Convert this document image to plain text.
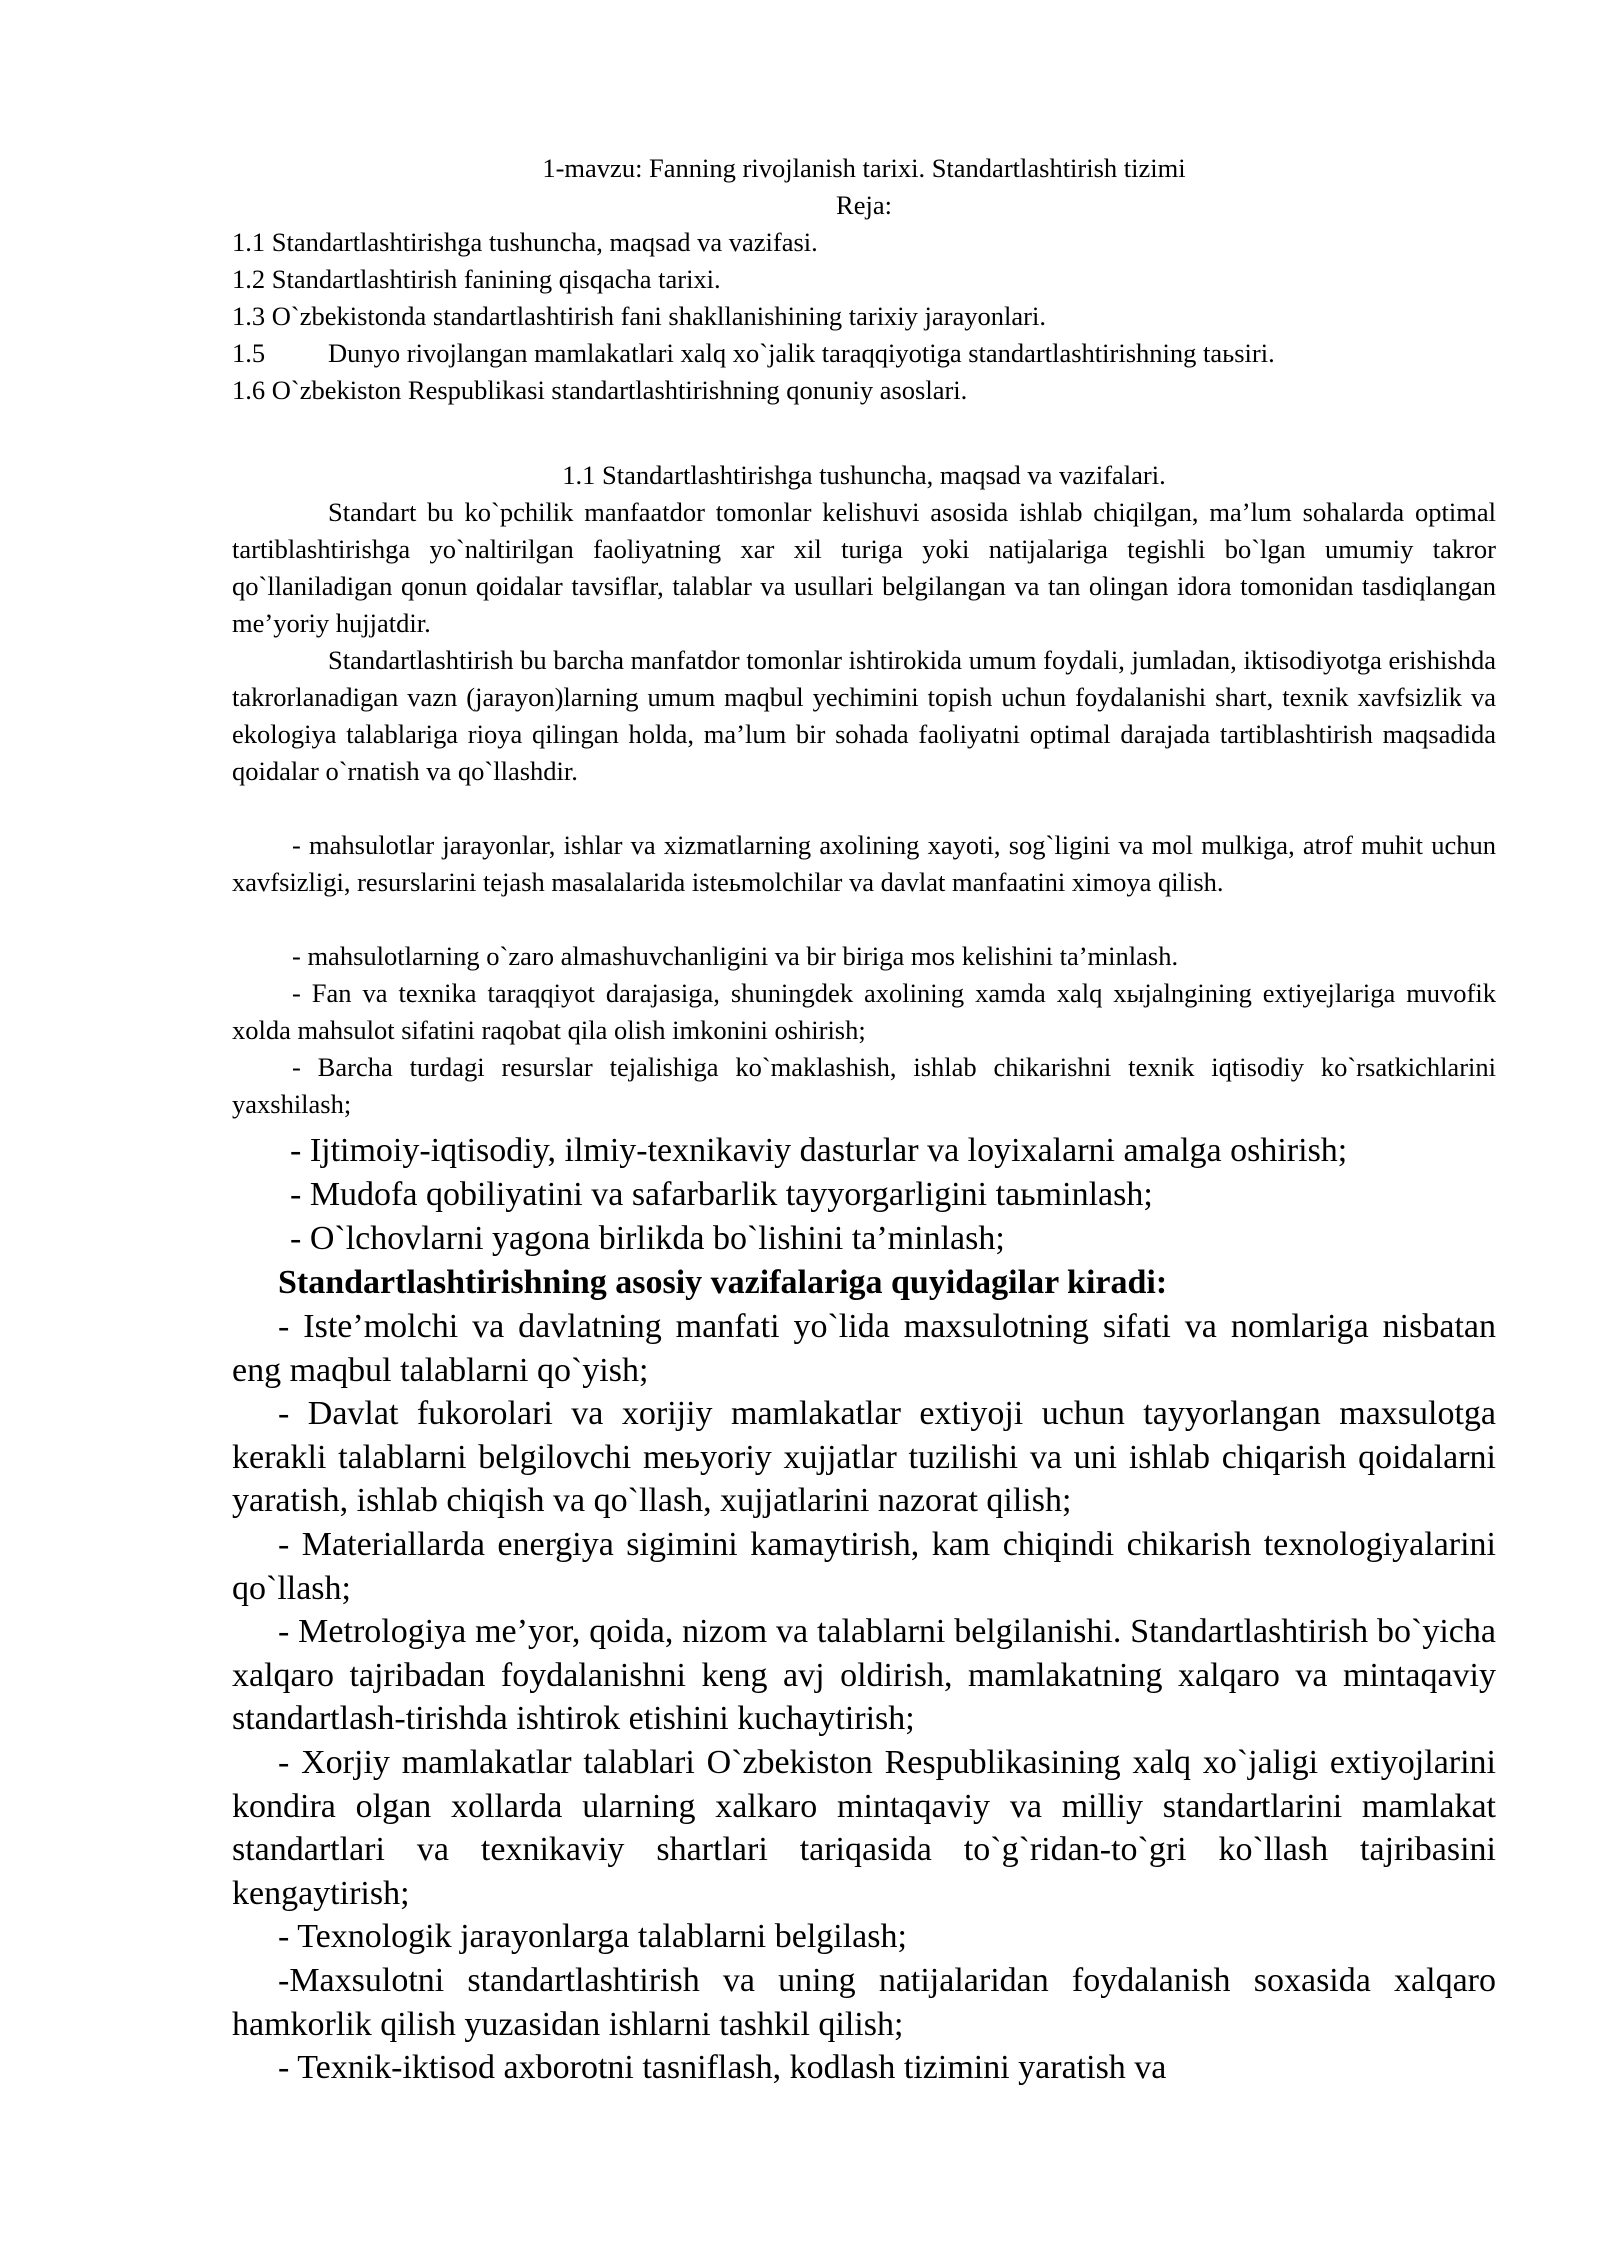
1-mavzu: Fanning rivojlanish tarixi. Standartlashtirish tizimi
Reja:
1.1 Standartlashtirishga tushuncha, maqsad va vazifasi.
1.2 Standartlashtirish fanining qisqacha tarixi.
1.3 O`zbekistonda standartlashtirish fani shakllanishining tarixiy jarayonlari.
1.5 Dunyo rivojlangan mamlakatlari xalq xo`jalik taraqqiyotiga standartlashtirishning taьsiri.
1.6 O`zbekiston Respublikasi standartlashtirishning qonuniy asoslari.
1.1 Standartlashtirishga tushuncha, maqsad va vazifalari.

Standart bu ko`pchilik manfaatdor tomonlar kelishuvi asosida ishlab chiqilgan, ma’lum sohalarda optimal tartiblashtirishga yo`naltirilgan faoliyatning xar xil turiga yoki natijalariga tegishli bo`lgan umumiy takror qo`llaniladigan qonun qoidalar tavsiflar, talablar va usullari belgilangan va tan olingan idora tomonidan tasdiqlangan me’yoriy hujjatdir.

Standartlashtirish bu barcha manfatdor tomonlar ishtirokida umum foydali, jumladan, iktisodiyotga erishishda takrorlanadigan vazn (jarayon)larning umum maqbul yechimini topish uchun foydalanishi shart, texnik xavfsizlik va ekologiya talablariga rioya qilingan holda, ma’lum bir sohada faoliyatni optimal darajada tartiblashtirish maqsadida qoidalar o`rnatish va qo`llashdir.

- mahsulotlar jarayonlar, ishlar va xizmatlarning axolining xayoti, sog`ligini va mol mulkiga, atrof muhit uchun xavfsizligi, resurslarini tejash masalalarida isteьmolchilar va davlat manfaatini ximoya qilish.

- mahsulotlarning o`zaro almashuvchanligini va bir biriga mos kelishini ta’minlash.

- Fan va texnika taraqqiyot darajasiga, shuningdek axolining xamda xalq xыjalngining extiyejlariga muvofik xolda mahsulot sifatini raqobat qila olish imkonini oshirish;

- Barcha turdagi resurslar tejalishiga ko`maklashish, ishlab chikarishni texnik iqtisodiy ko`rsatkichlarini yaxshilash;

- Ijtimoiy-iqtisodiy, ilmiy-texnikaviy dasturlar va loyixalarni amalga oshirish;
- Mudofa qobiliyatini va safarbarlik tayyorgarligini taьminlash;
- O`lchovlarni yagona birlikda bo`lishini ta’minlash;
Standartlashtirishning asosiy vazifalariga quyidagilar kiradi:

- Iste’molchi va davlatning manfati yo`lida maxsulotning sifati va nomlariga nisbatan eng maqbul talablarni qo`yish;

- Davlat fukorolari va xorijiy mamlakatlar extiyoji uchun tayyorlangan maxsulotga kerakli talablarni belgilovchi meьyoriy xujjatlar tuzilishi va uni ishlab chiqarish qoidalarni yaratish, ishlab chiqish va qo`llash, xujjatlarini nazorat qilish;

- Materiallarda energiya sigimini kamaytirish, kam chiqindi chikarish texnologiyalarini qo`llash;

- Metrologiya me’yor, qoida, nizom va talablarni belgilanishi. Standartlashtirish bo`yicha xalqaro tajribadan foydalanishni keng avj oldirish, mamlakatning xalqaro va mintaqaviy standartlash-tirishda ishtirok etishini kuchaytirish;

- Xorjiy mamlakatlar talablari O`zbekiston Respublikasining xalq xo`jaligi extiyojlarini kondira olgan xollarda ularning xalkaro mintaqaviy va milliy standartlarini mamlakat standartlari va texnikaviy shartlari tariqasida to`g`ridan-to`gri ko`llash tajribasini kengaytirish;

- Texnologik jarayonlarga talablarni belgilash;

-Maxsulotni standartlashtirish va uning natijalaridan foydalanish soxasida xalqaro hamkorlik qilish yuzasidan ishlarni tashkil qilish;

- Texnik-iktisod axborotni tasniflash, kodlash tizimini yaratish va
